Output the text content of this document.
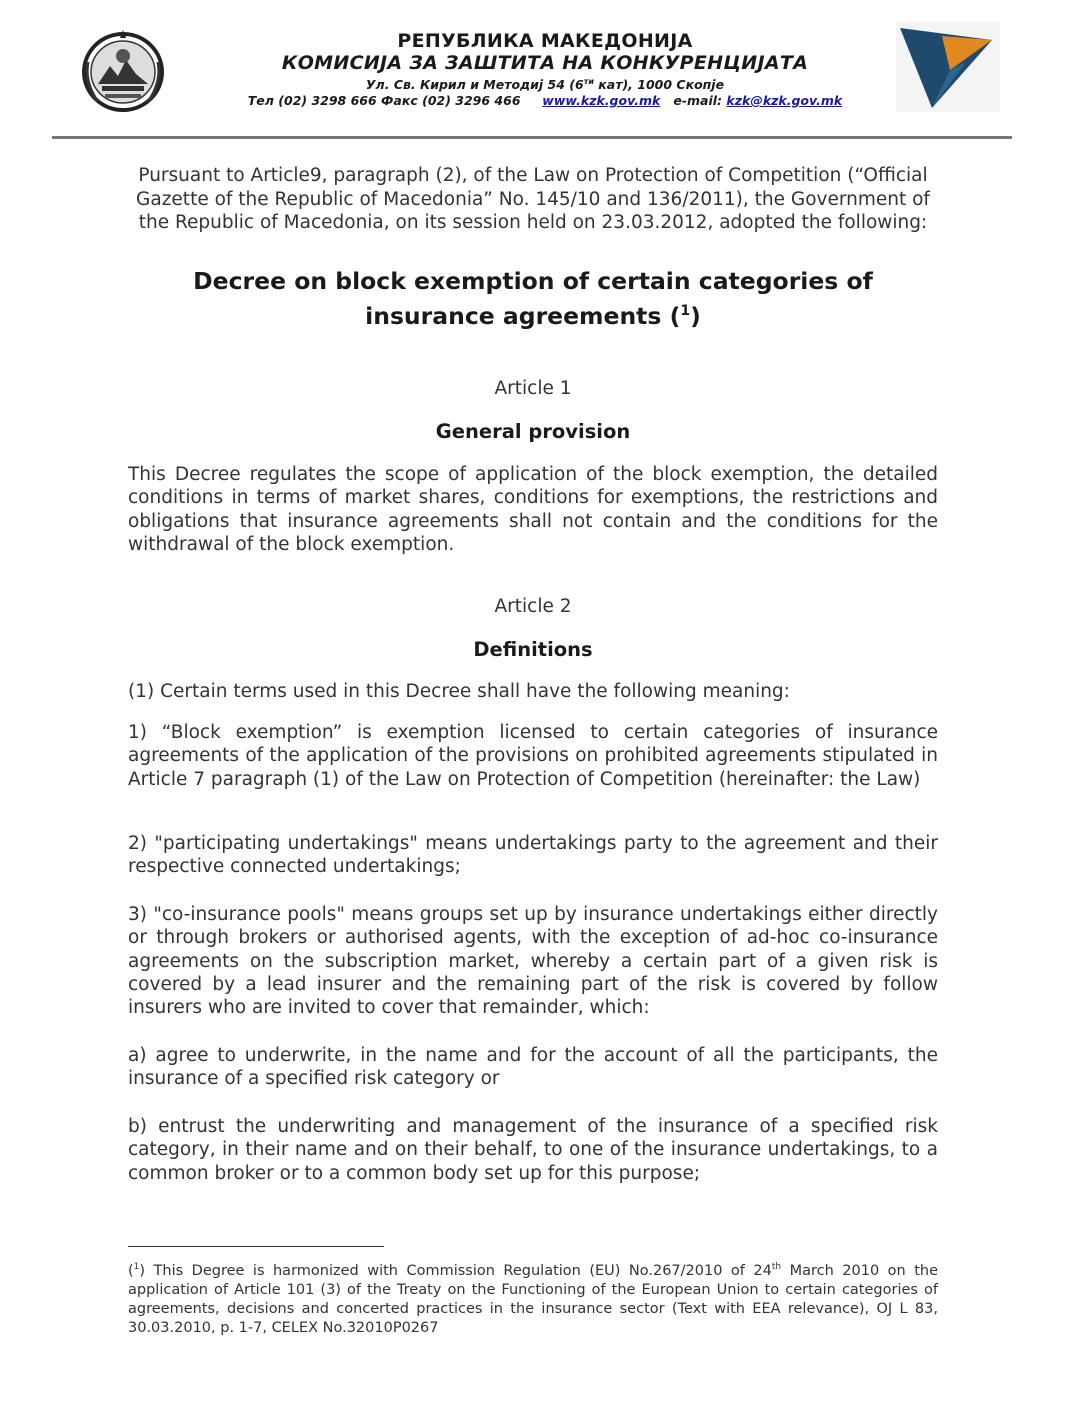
РЕПУБЛИКА МАКЕДОНИЈА
КОМИСИЈА ЗА ЗАШТИТА НА КОНКУРЕНЦИЈАТА
Ул. Св. Кирил и Методиј 54 ($6^{ти}$ кат), 1000 Скопје
Тел (02) 3298 666 Факс (02) 3296 466 www.kzk.gov.mk e-mail: kzk@kzk.gov.mk
Pursuant to Article9, paragraph (2), of the Law on Protection of Competition (“Official Gazette of the Republic of Macedonia” No. 145/10 and 136/2011), the Government of the Republic of Macedonia, on its session held on 23.03.2012, adopted the following:
Decree on block exemption of certain categories of
insurance agreements ($^1$)
Article 1
General provision
This Decree regulates the scope of application of the block exemption, the detailed conditions in terms of market shares, conditions for exemptions, the restrictions and obligations that insurance agreements shall not contain and the conditions for the withdrawal of the block exemption.
Article 2
Definitions
(1) Certain terms used in this Decree shall have the following meaning:
1) “Block exemption” is exemption licensed to certain categories of insurance agreements of the application of the provisions on prohibited agreements stipulated in Article 7 paragraph (1) of the Law on Protection of Competition (hereinafter: the Law)
2) "participating undertakings" means undertakings party to the agreement and their respective connected undertakings;
3) "co-insurance pools" means groups set up by insurance undertakings either directly or through brokers or authorised agents, with the exception of ad-hoc co-insurance agreements on the subscription market, whereby a certain part of a given risk is covered by a lead insurer and the remaining part of the risk is covered by follow insurers who are invited to cover that remainder, which:
a) agree to underwrite, in the name and for the account of all the participants, the insurance of a specified risk category or
b) entrust the underwriting and management of the insurance of a specified risk category, in their name and on their behalf, to one of the insurance undertakings, to a common broker or to a common body set up for this purpose;
($^1$) This Degree is harmonized with Commission Regulation (EU) No.267/2010 of 24th March 2010 on the application of Article 101 (3) of the Treaty on the Functioning of the European Union to certain categories of agreements, decisions and concerted practices in the insurance sector (Text with EEA relevance), OJ L 83, 30.03.2010, p. 1-7, CELEX No.32010P0267
